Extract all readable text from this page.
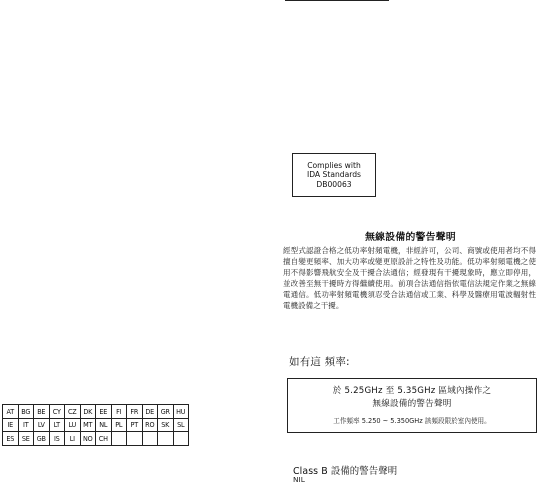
Complies with
IDA Standards
DB00063
無線設備的警告聲明
經型式認證合格之低功率射頻電機，非經許可，公司、商號或使用者均不得擅自變更頻率、加大功率或變更原設計之特性及功能。低功率射頻電機之使用不得影響飛航安全及干擾合法通信；經發現有干擾現象時，應立即停用，並改善至無干擾時方得繼續使用。前項合法通信指依電信法規定作業之無線電通信。低功率射頻電機須忍受合法通信或工業、科學及醫療用電波輻射性電機設備之干擾。
如有這 頻率:
於 5.25GHz 至 5.35GHz 區域內操作之
無線設備的警告聲明
工作頻率 5.250 ~ 5.350GHz 該頻段限於室內使用。
Class B 設備的警告聲明
NIL
AT	BG	BE	CY	CZ	DK	EE	FI	FR	DE	GR	HU
IE	IT	LV	LT	LU	MT	NL	PL	PT	RO	SK	SL
ES	SE	GB	IS	LI	NO	CH					
